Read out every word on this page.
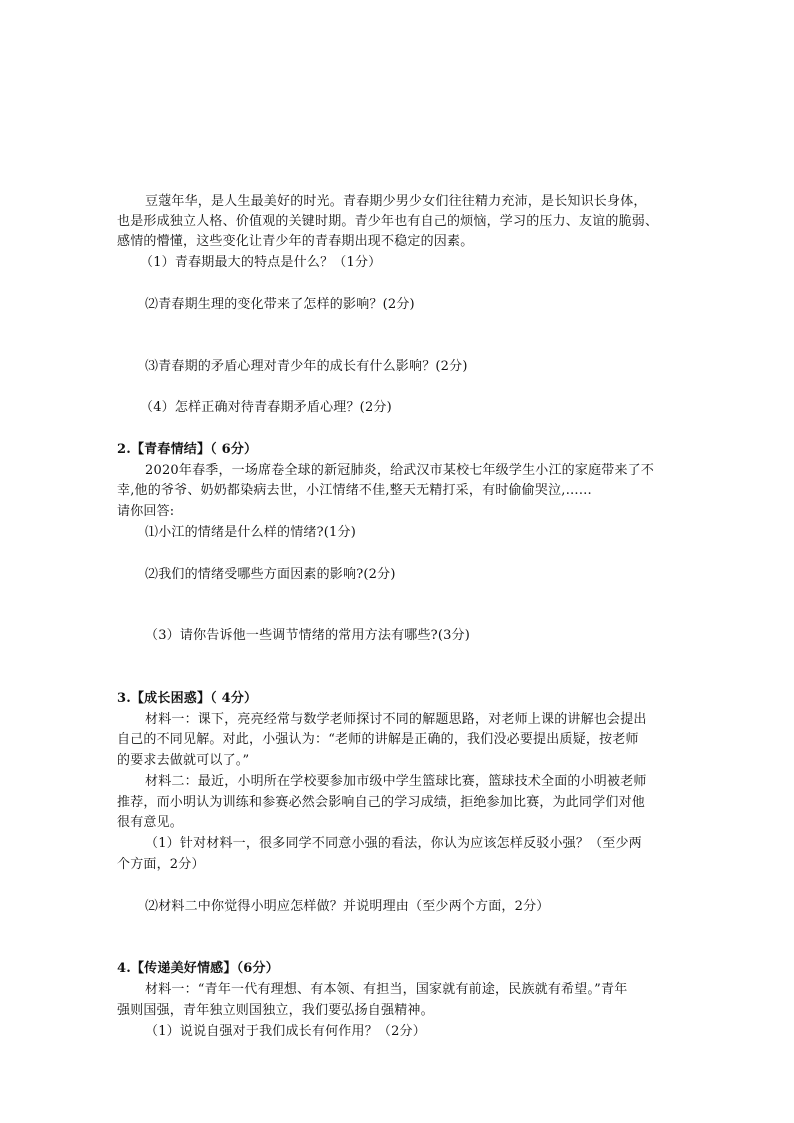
豆蔻年华，是人生最美好的时光。青春期少男少女们往往精力充沛，是长知识长身体，
也是形成独立人格、价值观的关键时期。青少年也有自己的烦恼，学习的压力、友谊的脆弱、
感情的懵懂，这些变化让青少年的青春期出现不稳定的因素。
（1）青春期最大的特点是什么？（1分）
⑵青春期生理的变化带来了怎样的影响？(2分)
⑶青春期的矛盾心理对青少年的成长有什么影响？(2分)
（4）怎样正确对待青春期矛盾心理？(2分)
2.【青春情结】（ 6分）
2020年春季，一场席卷全球的新冠肺炎，给武汉市某校七年级学生小江的家庭带来了不
幸,他的爷爷、奶奶都染病去世，小江情绪不佳,整天无精打采，有时偷偷哭泣,……
请你回答:
⑴小江的情绪是什么样的情绪?(1分)
⑵我们的情绪受哪些方面因素的影响?(2分)
（3）请你告诉他一些调节情绪的常用方法有哪些?(3分)
3.【成长困惑】（ 4分）
材料一：课下，亮亮经常与数学老师探讨不同的解题思路，对老师上课的讲解也会提出
自己的不同见解。对此，小强认为：“老师的讲解是正确的，我们没必要提出质疑，按老师
的要求去做就可以了。”
材料二：最近，小明所在学校要参加市级中学生篮球比赛，篮球技术全面的小明被老师
推荐，而小明认为训练和参赛必然会影响自己的学习成绩，拒绝参加比赛，为此同学们对他
很有意见。
（1）针对材料一，很多同学不同意小强的看法，你认为应该怎样反驳小强？（至少两
个方面，2分）
⑵材料二中你觉得小明应怎样做？并说明理由（至少两个方面，2分）
4.【传递美好情感】（6分）
材料一：“青年一代有理想、有本领、有担当，国家就有前途，民族就有希望。”青年
强则国强，青年独立则国独立，我们要弘扬自强精神。
（1）说说自强对于我们成长有何作用？（2分）
